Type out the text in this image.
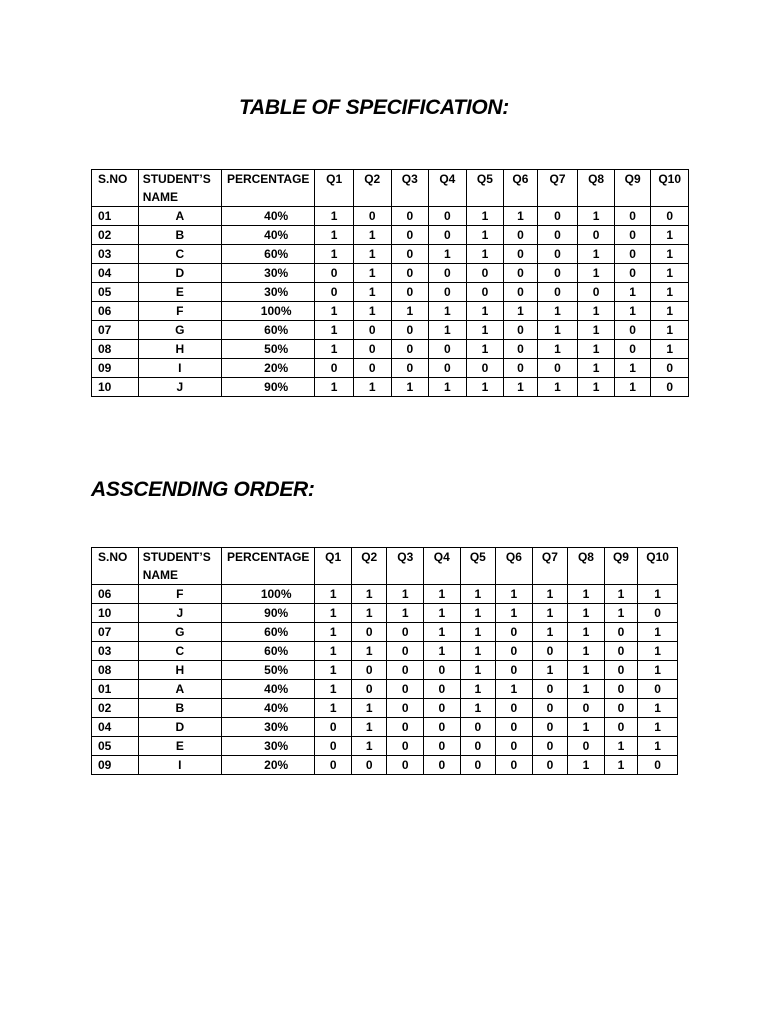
TABLE OF SPECIFICATION:
S.NO	STUDENT’S NAME	PERCENTAGE	Q1	Q2	Q3	Q4	Q5	Q6	Q7	Q8	Q9	Q10
01	A	40%	1	0	0	0	1	1	0	1	0	0
02	B	40%	1	1	0	0	1	0	0	0	0	1
03	C	60%	1	1	0	1	1	0	0	1	0	1
04	D	30%	0	1	0	0	0	0	0	1	0	1
05	E	30%	0	1	0	0	0	0	0	0	1	1
06	F	100%	1	1	1	1	1	1	1	1	1	1
07	G	60%	1	0	0	1	1	0	1	1	0	1
08	H	50%	1	0	0	0	1	0	1	1	0	1
09	I	20%	0	0	0	0	0	0	0	1	1	0
10	J	90%	1	1	1	1	1	1	1	1	1	0
ASSCENDING ORDER:
S.NO	STUDENT’S NAME	PERCENTAGE	Q1	Q2	Q3	Q4	Q5	Q6	Q7	Q8	Q9	Q10
06	F	100%	1	1	1	1	1	1	1	1	1	1
10	J	90%	1	1	1	1	1	1	1	1	1	0
07	G	60%	1	0	0	1	1	0	1	1	0	1
03	C	60%	1	1	0	1	1	0	0	1	0	1
08	H	50%	1	0	0	0	1	0	1	1	0	1
01	A	40%	1	0	0	0	1	1	0	1	0	0
02	B	40%	1	1	0	0	1	0	0	0	0	1
04	D	30%	0	1	0	0	0	0	0	1	0	1
05	E	30%	0	1	0	0	0	0	0	0	1	1
09	I	20%	0	0	0	0	0	0	0	1	1	0
